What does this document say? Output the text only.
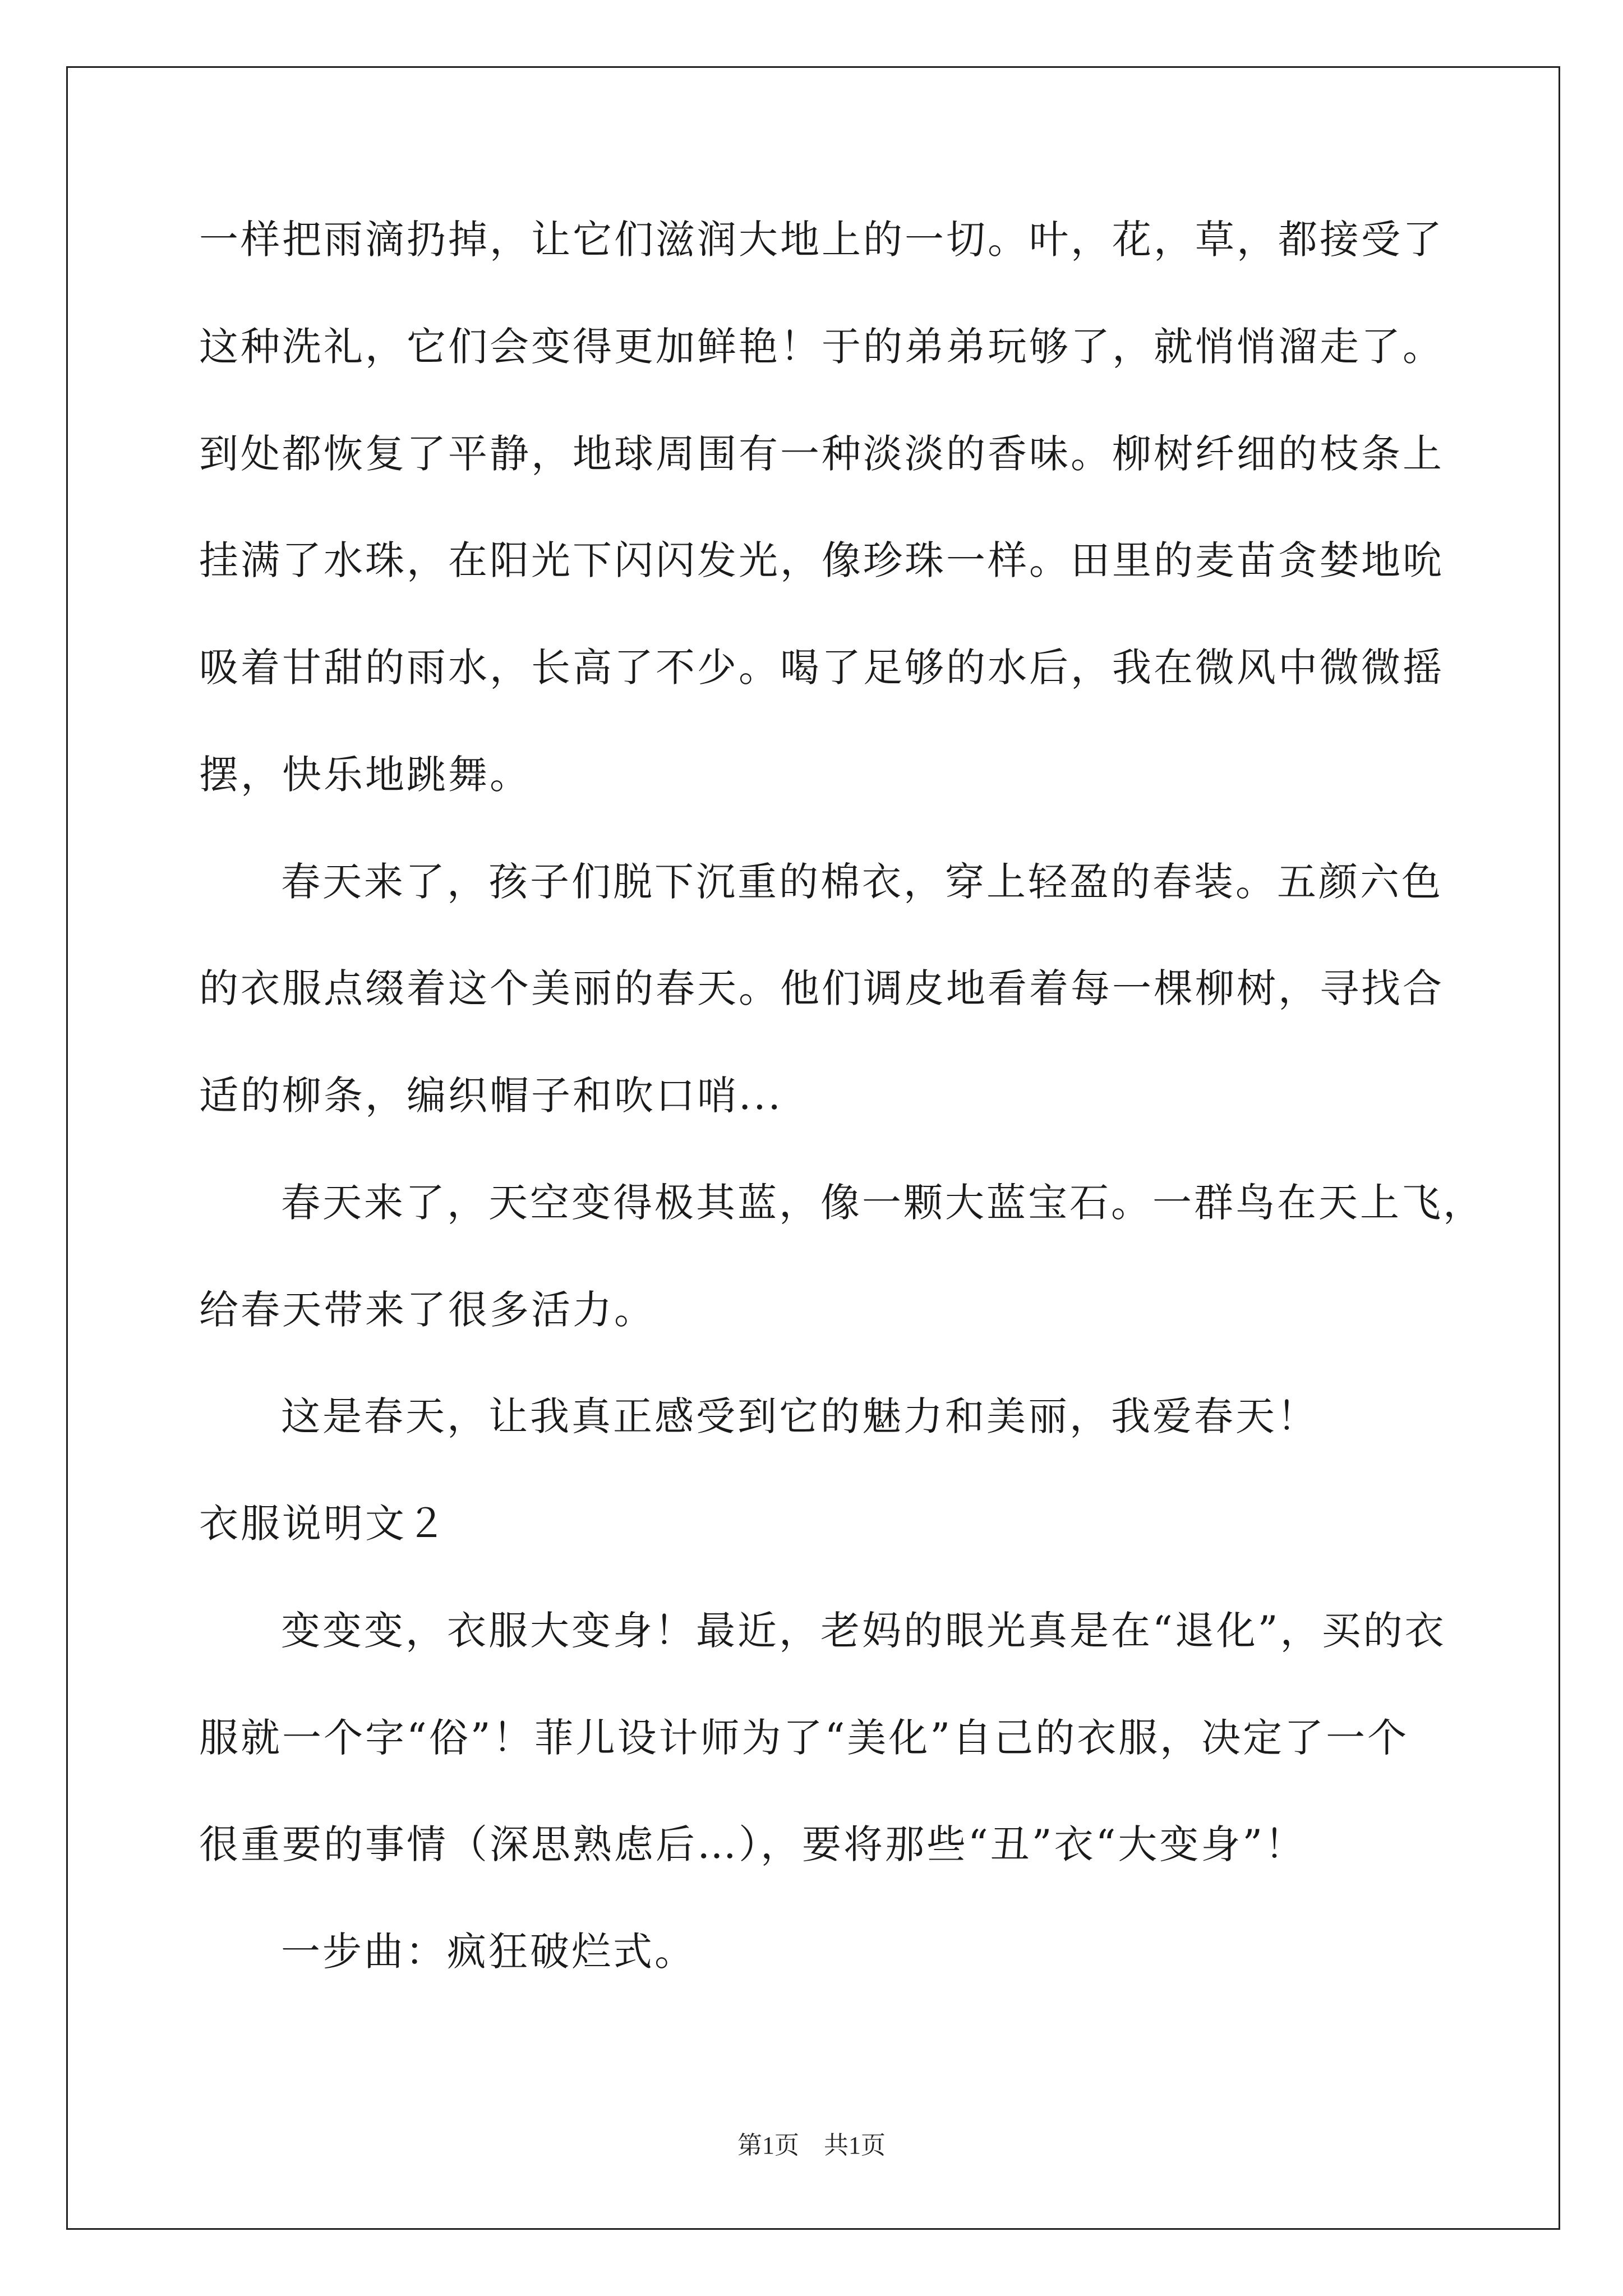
一样把雨滴扔掉，让它们滋润大地上的一切。叶，花，草，都接受了
这种洗礼，它们会变得更加鲜艳！于的弟弟玩够了，就悄悄溜走了。
到处都恢复了平静，地球周围有一种淡淡的香味。柳树纤细的枝条上
挂满了水珠，在阳光下闪闪发光，像珍珠一样。田里的麦苗贪婪地吮
吸着甘甜的雨水，长高了不少。喝了足够的水后，我在微风中微微摇
摆，快乐地跳舞。
春天来了，孩子们脱下沉重的棉衣，穿上轻盈的春装。五颜六色
的衣服点缀着这个美丽的春天。他们调皮地看着每一棵柳树，寻找合
适的柳条，编织帽子和吹口哨...
春天来了，天空变得极其蓝，像一颗大蓝宝石。一群鸟在天上飞，
给春天带来了很多活力。
这是春天，让我真正感受到它的魅力和美丽，我爱春天！
衣服说明文２
变变变，衣服大变身！最近，老妈的眼光真是在“退化”，买的衣
服就一个字“俗”！菲儿设计师为了“美化”自己的衣服，决定了一个
很重要的事情（深思熟虑后…），要将那些“丑”衣“大变身”！
一步曲：疯狂破烂式。
第1页　共1页
